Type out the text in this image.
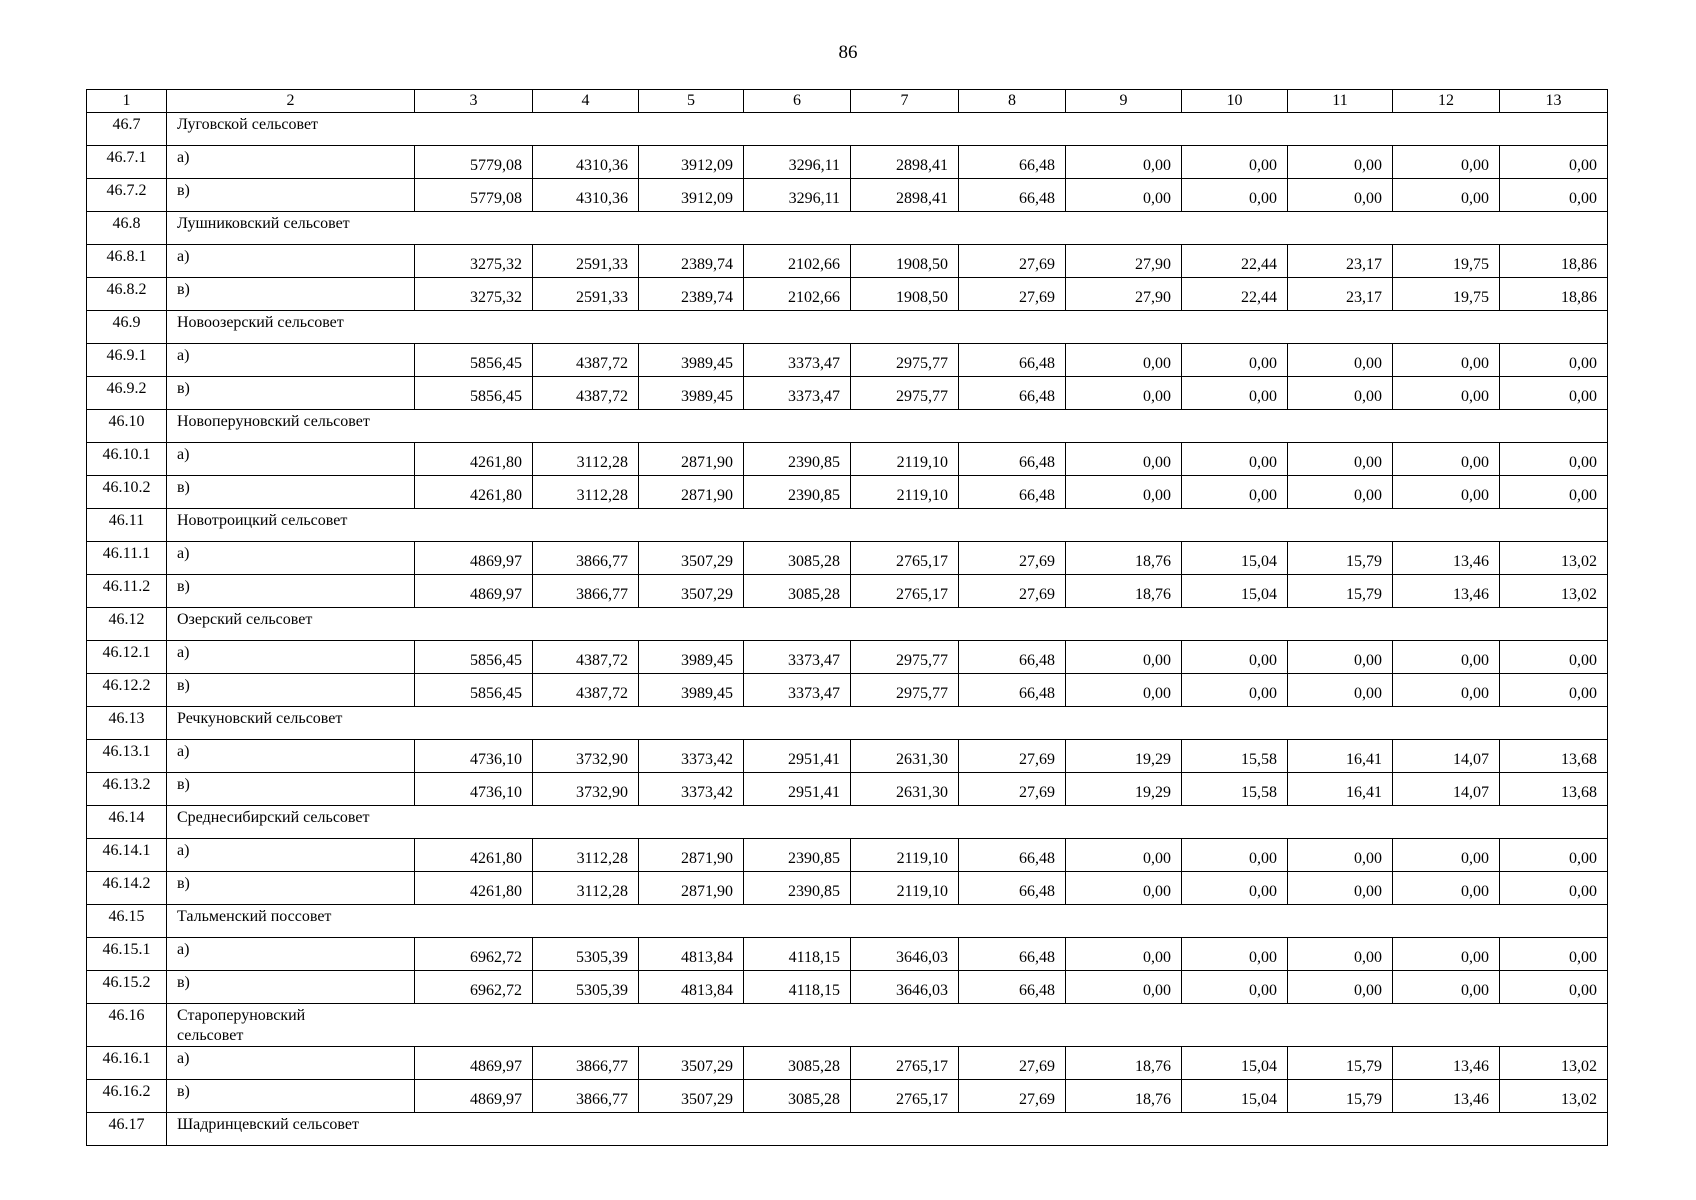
86
1	2	3	4	5	6	7	8	9	10	11	12	13
46.7	Луговской сельсовет											
46.7.1	а)	5779,08	4310,36	3912,09	3296,11	2898,41	66,48	0,00	0,00	0,00	0,00	0,00
46.7.2	в)	5779,08	4310,36	3912,09	3296,11	2898,41	66,48	0,00	0,00	0,00	0,00	0,00
46.8	Лушниковский сельсовет											
46.8.1	а)	3275,32	2591,33	2389,74	2102,66	1908,50	27,69	27,90	22,44	23,17	19,75	18,86
46.8.2	в)	3275,32	2591,33	2389,74	2102,66	1908,50	27,69	27,90	22,44	23,17	19,75	18,86
46.9	Новоозерский сельсовет											
46.9.1	а)	5856,45	4387,72	3989,45	3373,47	2975,77	66,48	0,00	0,00	0,00	0,00	0,00
46.9.2	в)	5856,45	4387,72	3989,45	3373,47	2975,77	66,48	0,00	0,00	0,00	0,00	0,00
46.10	Новоперуновский сельсовет											
46.10.1	а)	4261,80	3112,28	2871,90	2390,85	2119,10	66,48	0,00	0,00	0,00	0,00	0,00
46.10.2	в)	4261,80	3112,28	2871,90	2390,85	2119,10	66,48	0,00	0,00	0,00	0,00	0,00
46.11	Новотроицкий сельсовет											
46.11.1	а)	4869,97	3866,77	3507,29	3085,28	2765,17	27,69	18,76	15,04	15,79	13,46	13,02
46.11.2	в)	4869,97	3866,77	3507,29	3085,28	2765,17	27,69	18,76	15,04	15,79	13,46	13,02
46.12	Озерский сельсовет											
46.12.1	а)	5856,45	4387,72	3989,45	3373,47	2975,77	66,48	0,00	0,00	0,00	0,00	0,00
46.12.2	в)	5856,45	4387,72	3989,45	3373,47	2975,77	66,48	0,00	0,00	0,00	0,00	0,00
46.13	Речкуновский сельсовет											
46.13.1	а)	4736,10	3732,90	3373,42	2951,41	2631,30	27,69	19,29	15,58	16,41	14,07	13,68
46.13.2	в)	4736,10	3732,90	3373,42	2951,41	2631,30	27,69	19,29	15,58	16,41	14,07	13,68
46.14	Среднесибирский сельсовет											
46.14.1	а)	4261,80	3112,28	2871,90	2390,85	2119,10	66,48	0,00	0,00	0,00	0,00	0,00
46.14.2	в)	4261,80	3112,28	2871,90	2390,85	2119,10	66,48	0,00	0,00	0,00	0,00	0,00
46.15	Тальменский поссовет											
46.15.1	а)	6962,72	5305,39	4813,84	4118,15	3646,03	66,48	0,00	0,00	0,00	0,00	0,00
46.15.2	в)	6962,72	5305,39	4813,84	4118,15	3646,03	66,48	0,00	0,00	0,00	0,00	0,00
46.16	Староперуновский сельсовет											

46.16.1	а)	4869,97	3866,77	3507,29	3085,28	2765,17	27,69	18,76	15,04	15,79	13,46	13,02
46.16.2	в)	4869,97	3866,77	3507,29	3085,28	2765,17	27,69	18,76	15,04	15,79	13,46	13,02
46.17	Шадринцевский сельсовет											
